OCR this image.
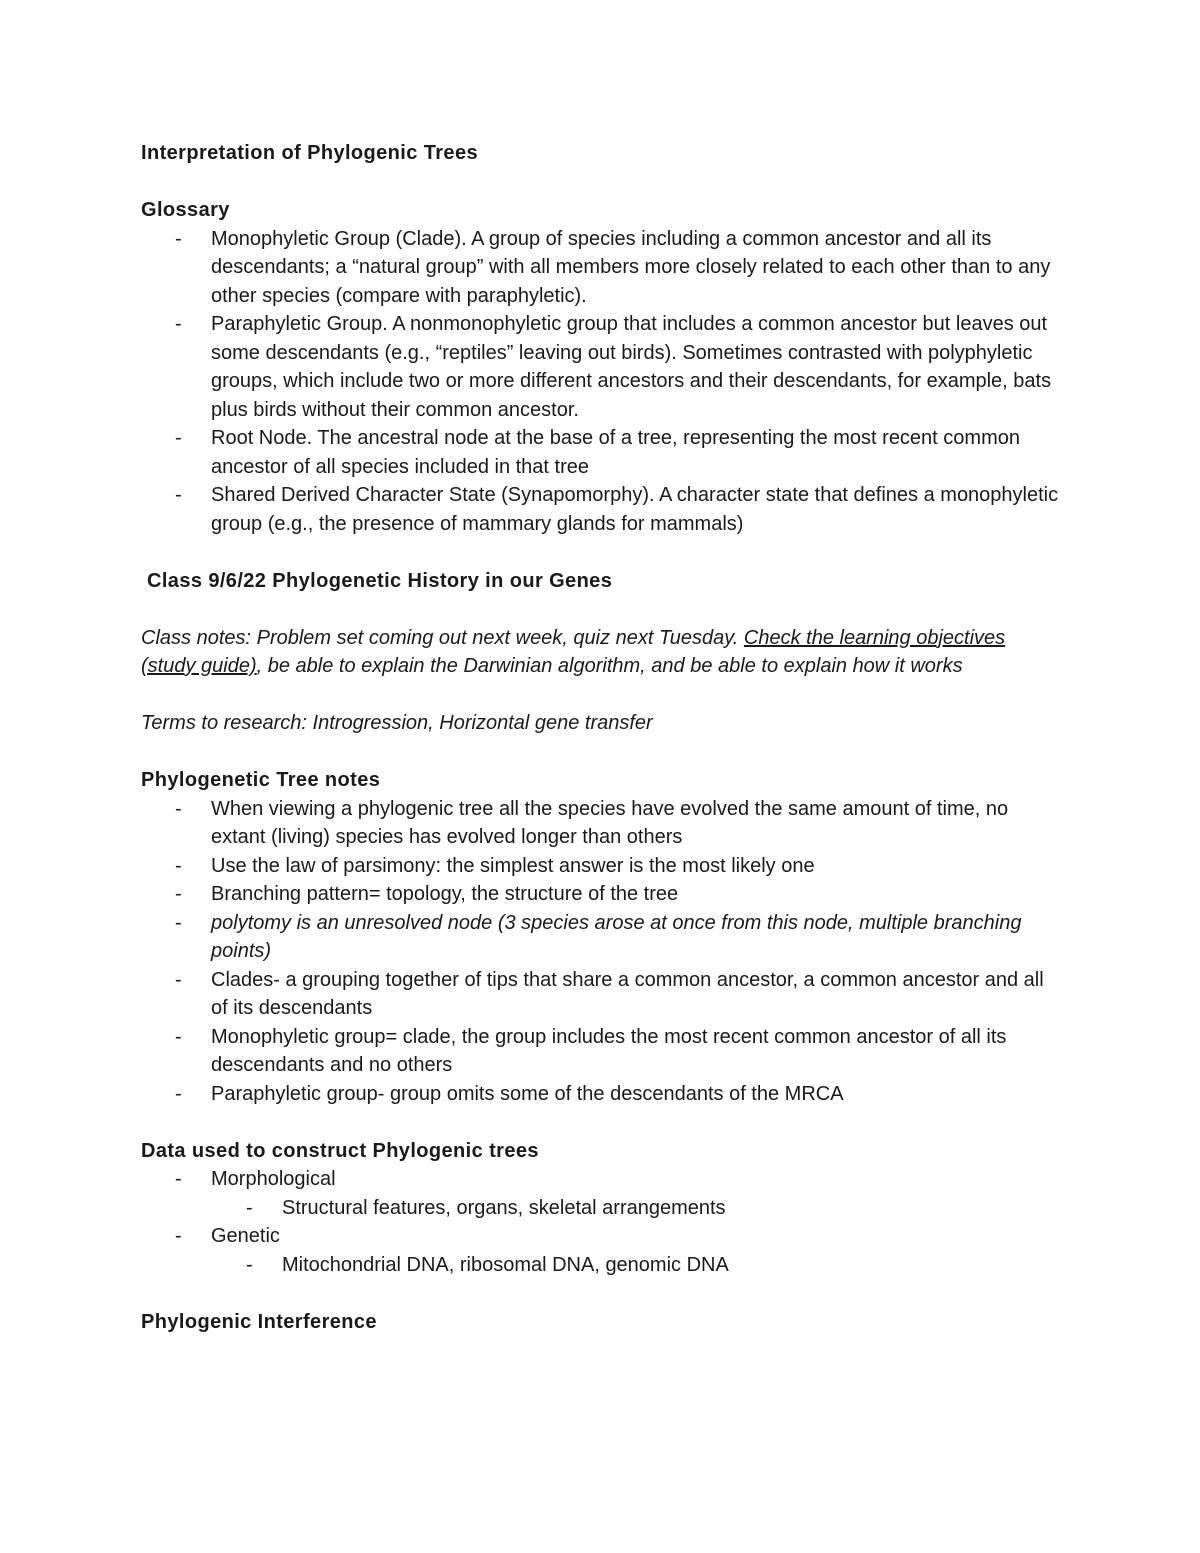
Interpretation of Phylogenic Trees

Glossary

- Monophyletic Group (Clade). A group of species including a common ancestor and all its descendants; a “natural group” with all members more closely related to each other than to any other species (compare with paraphyletic).
- Paraphyletic Group. A nonmonophyletic group that includes a common ancestor but leaves out some descendants (e.g., “reptiles” leaving out birds). Sometimes contrasted with polyphyletic groups, which include two or more different ancestors and their descendants, for example, bats plus birds without their common ancestor.
- Root Node. The ancestral node at the base of a tree, representing the most recent common ancestor of all species included in that tree
- Shared Derived Character State (Synapomorphy). A character state that defines a monophyletic group (e.g., the presence of mammary glands for mammals)

Class 9/6/22 Phylogenetic History in our Genes

Class notes: Problem set coming out next week, quiz next Tuesday. Check the learning objectives (study guide), be able to explain the Darwinian algorithm, and be able to explain how it works

Terms to research: Introgression, Horizontal gene transfer

Phylogenetic Tree notes

- When viewing a phylogenic tree all the species have evolved the same amount of time, no extant (living) species has evolved longer than others
- Use the law of parsimony: the simplest answer is the most likely one
- Branching pattern= topology, the structure of the tree
- polytomy is an unresolved node (3 species arose at once from this node, multiple branching points)
- Clades- a grouping together of tips that share a common ancestor, a common ancestor and all of its descendants
- Monophyletic group= clade, the group includes the most recent common ancestor of all its descendants and no others
- Paraphyletic group- group omits some of the descendants of the MRCA

Data used to construct Phylogenic trees

- Morphological
- Structural features, organs, skeletal arrangements
- Genetic
- Mitochondrial DNA, ribosomal DNA, genomic DNA

Phylogenic Interference
